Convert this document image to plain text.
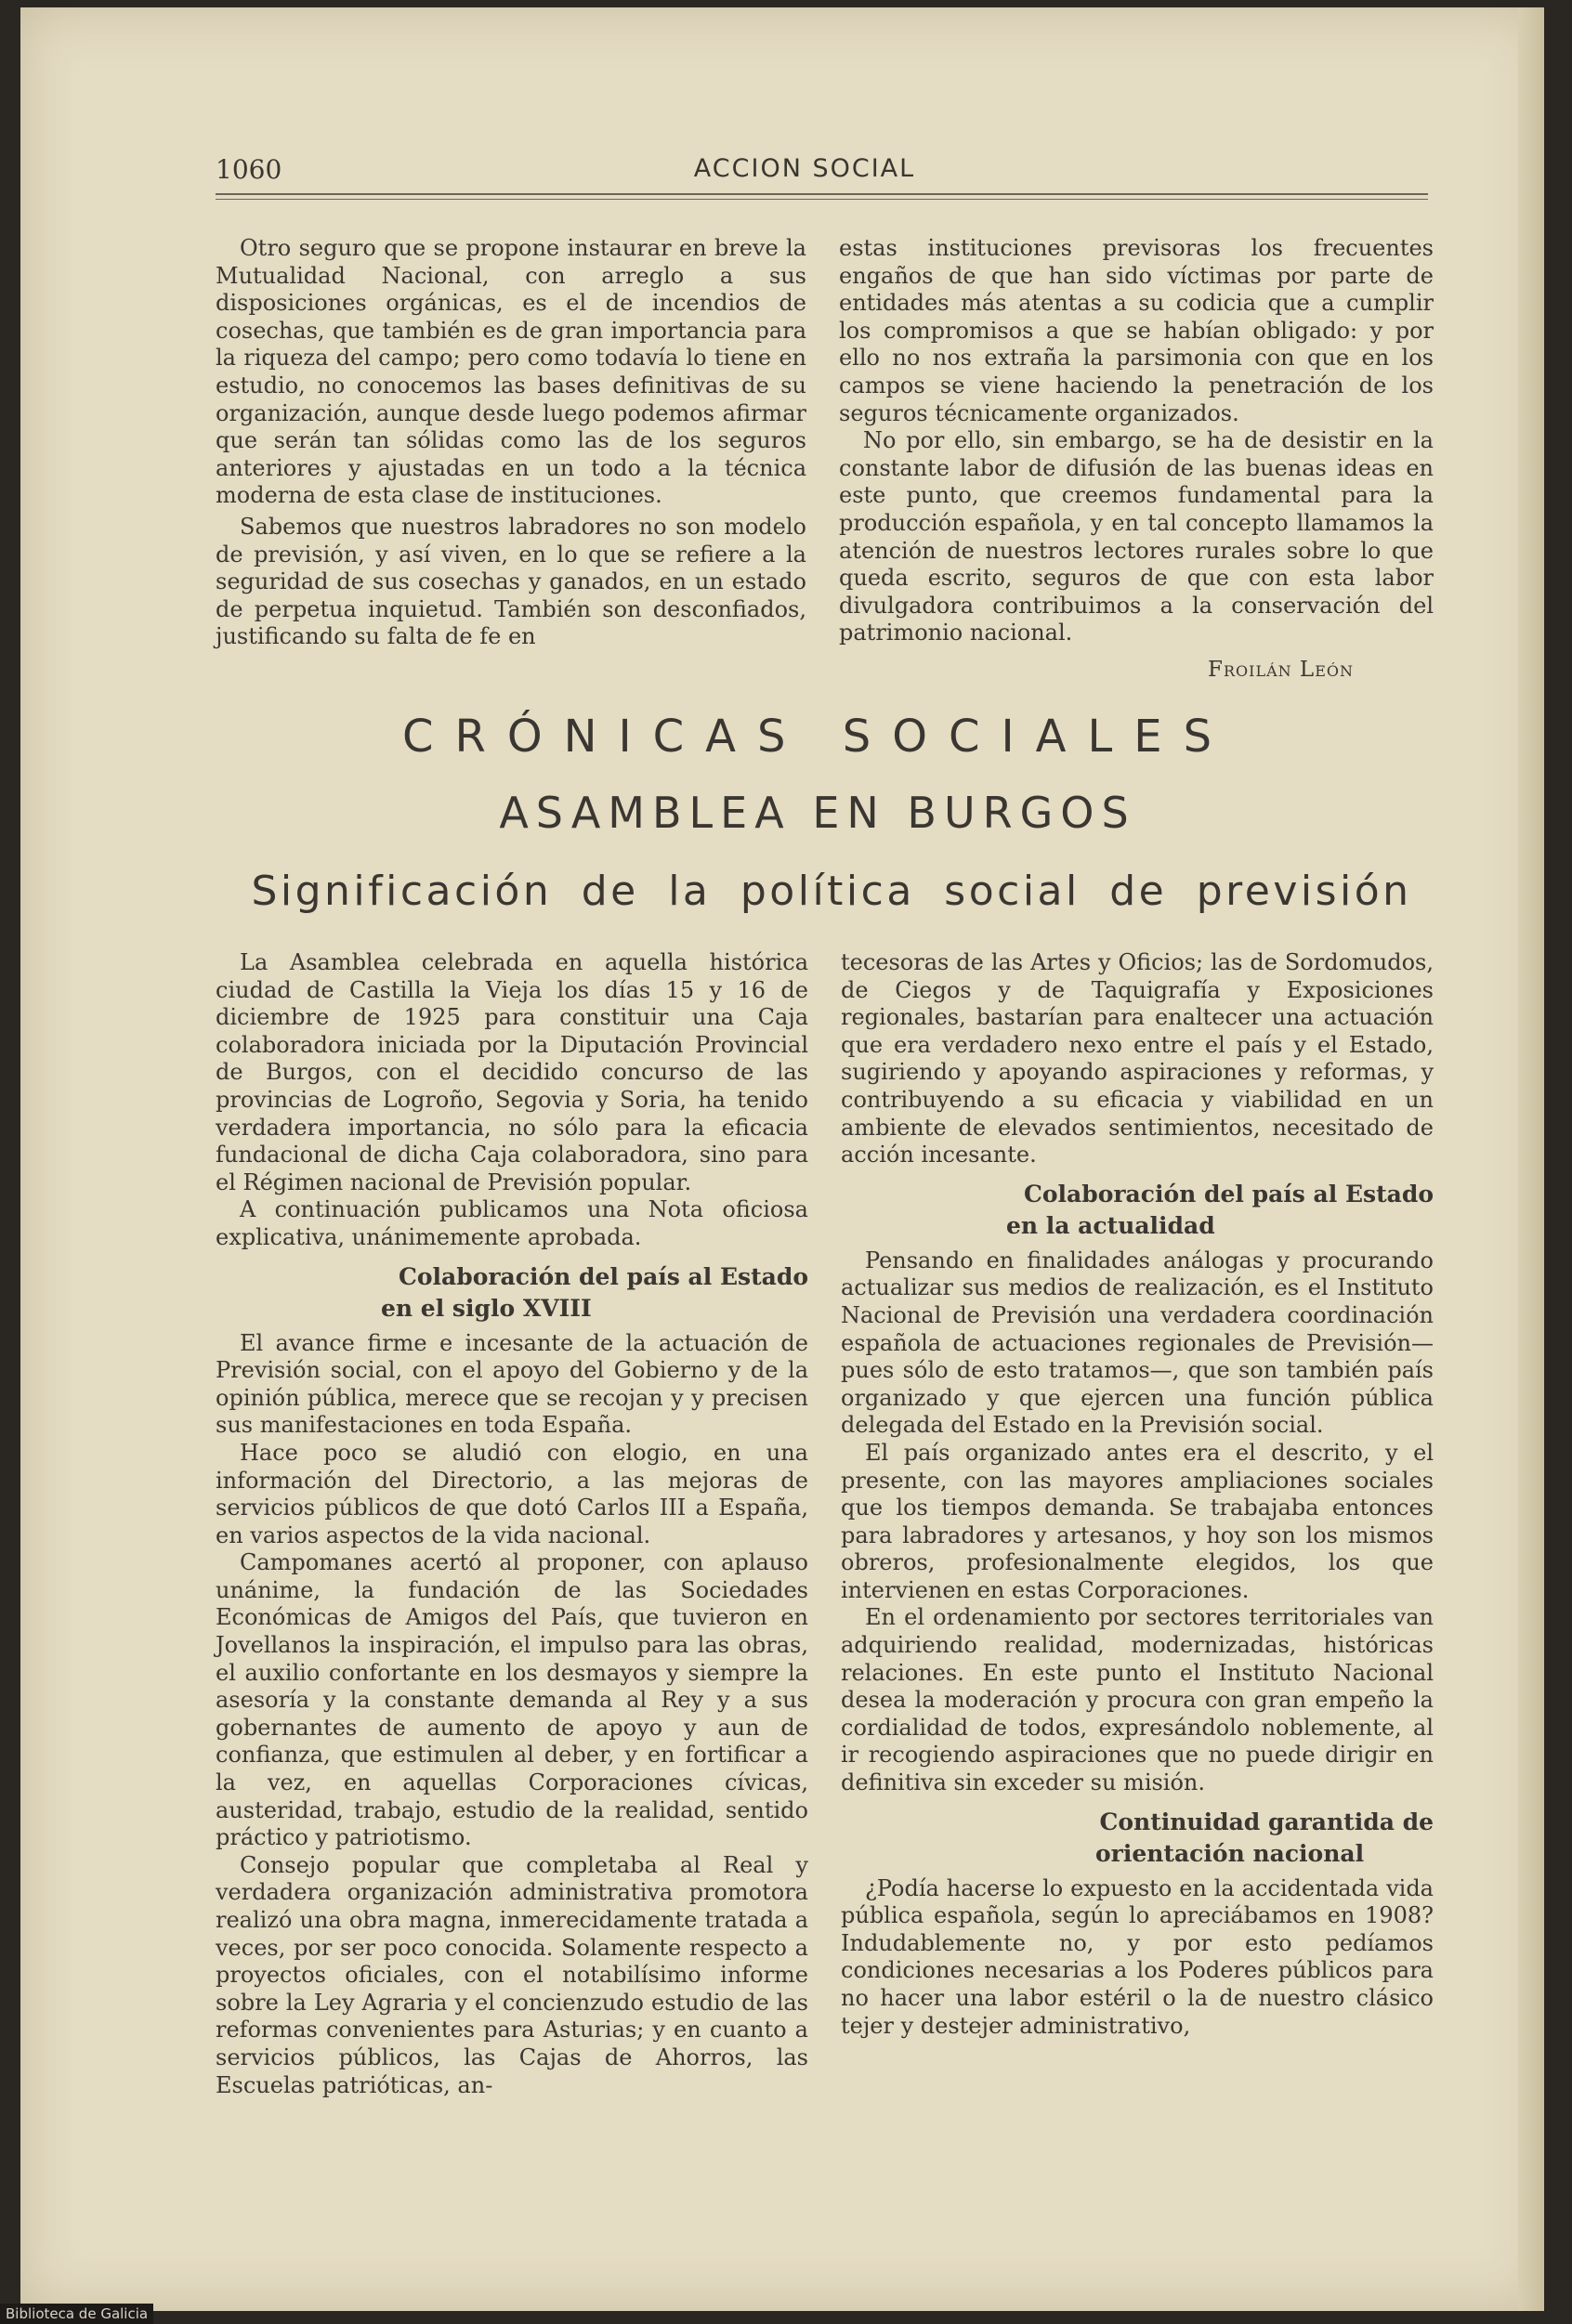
1060	ACCION SOCIAL

Otro seguro que se propone instaurar en breve la Mutualidad Nacional, con arreglo a sus disposiciones orgánicas, es el de incendios de cosechas, que también es de gran importancia para la riqueza del campo; pero como todavía lo tiene en estudio, no conocemos las bases definitivas de su organización, aunque desde luego podemos afirmar que serán tan sólidas como las de los seguros anteriores y ajustadas en un todo a la técnica moderna de esta clase de instituciones.

Sabemos que nuestros labradores no son modelo de previsión, y así viven, en lo que se refiere a la seguridad de sus cosechas y ganados, en un estado de perpetua inquietud. También son desconfiados, justificando su falta de fe en

estas instituciones previsoras los frecuentes engaños de que han sido víctimas por parte de entidades más atentas a su codicia que a cumplir los compromisos a que se habían obligado: y por ello no nos extraña la parsimonia con que en los campos se viene haciendo la penetración de los seguros técnicamente organizados.

No por ello, sin embargo, se ha de desistir en la constante labor de difusión de las buenas ideas en este punto, que creemos fundamental para la producción española, y en tal concepto llamamos la atención de nuestros lectores rurales sobre lo que queda escrito, seguros de que con esta labor divulgadora contribuimos a la conservación del patrimonio nacional.

Froilán León
CRÓNICAS SOCIALES
ASAMBLEA EN BURGOS
Significación de la política social de previsión

La Asamblea celebrada en aquella histórica ciudad de Castilla la Vieja los días 15 y 16 de diciembre de 1925 para constituir una Caja colaboradora iniciada por la Diputación Provincial de Burgos, con el decidido concurso de las provincias de Logroño, Segovia y Soria, ha tenido verdadera importancia, no sólo para la eficacia fundacional de dicha Caja colaboradora, sino para el Régimen nacional de Previsión popular.

A continuación publicamos una Nota oficiosa explicativa, unánimemente aprobada.

Colaboración del país al Estado
en el siglo XVIII

El avance firme e incesante de la actuación de Previsión social, con el apoyo del Gobierno y de la opinión pública, merece que se recojan y y precisen sus manifestaciones en toda España.

Hace poco se aludió con elogio, en una información del Directorio, a las mejoras de servicios públicos de que dotó Carlos III a España, en varios aspectos de la vida nacional.

Campomanes acertó al proponer, con aplauso unánime, la fundación de las Sociedades Económicas de Amigos del País, que tuvieron en Jovellanos la inspiración, el impulso para las obras, el auxilio confortante en los desmayos y siempre la asesoría y la constante demanda al Rey y a sus gobernantes de aumento de apoyo y aun de confianza, que estimulen al deber, y en fortificar a la vez, en aquellas Corporaciones cívicas, austeridad, trabajo, estudio de la realidad, sentido práctico y patriotismo.

Consejo popular que completaba al Real y verdadera organización administrativa promotora realizó una obra magna, inmerecidamente tratada a veces, por ser poco conocida. Solamente respecto a proyectos oficiales, con el notabilísimo informe sobre la Ley Agraria y el concienzudo estudio de las reformas convenientes para Asturias; y en cuanto a servicios públicos, las Cajas de Ahorros, las Escuelas patrióticas, an-

tecesoras de las Artes y Oficios; las de Sordomudos, de Ciegos y de Taquigrafía y Exposiciones regionales, bastarían para enaltecer una actuación que era verdadero nexo entre el país y el Estado, sugiriendo y apoyando aspiraciones y reformas, y contribuyendo a su eficacia y viabilidad en un ambiente de elevados sentimientos, necesitado de acción incesante.

Colaboración del país al Estado
en la actualidad

Pensando en finalidades análogas y procurando actualizar sus medios de realización, es el Instituto Nacional de Previsión una verdadera coordinación española de actuaciones regionales de Previsión—pues sólo de esto tratamos—, que son también país organizado y que ejercen una función pública delegada del Estado en la Previsión social.

El país organizado antes era el descrito, y el presente, con las mayores ampliaciones sociales que los tiempos demanda. Se trabajaba entonces para labradores y artesanos, y hoy son los mismos obreros, profesionalmente elegidos, los que intervienen en estas Corporaciones.

En el ordenamiento por sectores territoriales van adquiriendo realidad, modernizadas, históricas relaciones. En este punto el Instituto Nacional desea la moderación y procura con gran empeño la cordialidad de todos, expresándolo noblemente, al ir recogiendo aspiraciones que no puede dirigir en definitiva sin exceder su misión.

Continuidad garantida de
orientación nacional

¿Podía hacerse lo expuesto en la accidentada vida pública española, según lo apreciábamos en 1908? Indudablemente no, y por esto pedíamos condiciones necesarias a los Poderes públicos para no hacer una labor estéril o la de nuestro clásico tejer y destejer administrativo,

Biblioteca de Galicia
